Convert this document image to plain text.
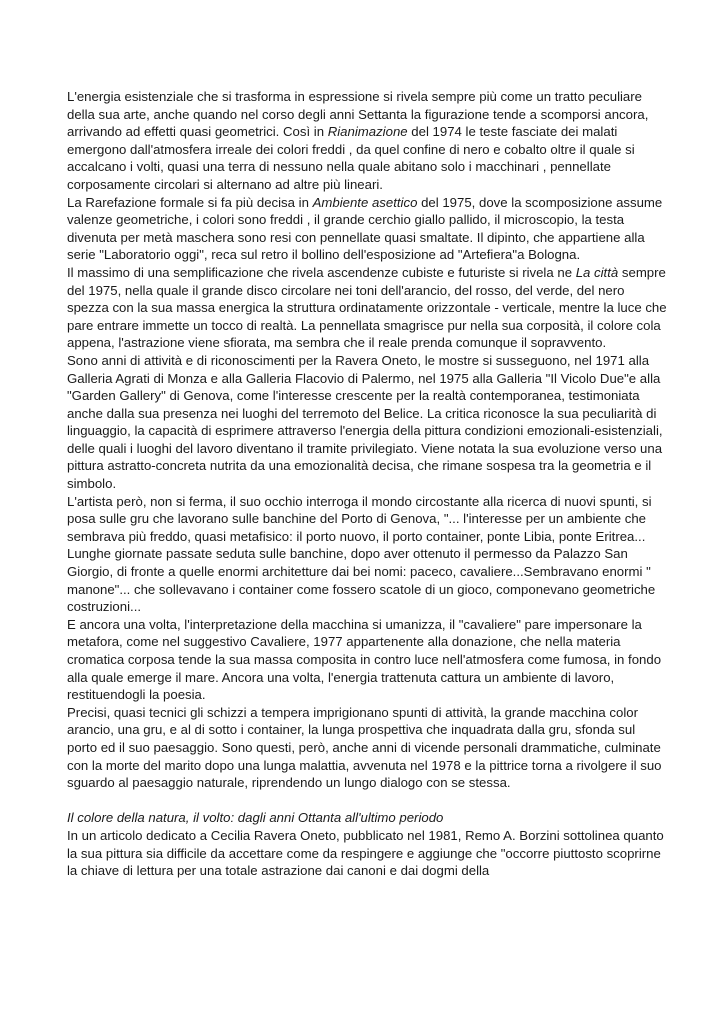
L'energia esistenziale che si trasforma in espressione si rivela sempre più come un tratto peculiare della sua arte, anche quando nel corso degli anni Settanta la figurazione tende a scomporsi ancora, arrivando ad effetti quasi geometrici. Così in Rianimazione del 1974 le teste fasciate dei malati emergono dall'atmosfera irreale dei colori freddi , da quel confine di nero e cobalto oltre il quale si accalcano i volti, quasi una terra di nessuno nella quale abitano solo i macchinari , pennellate corposamente circolari si alternano ad altre più lineari.

La Rarefazione formale si fa più decisa in Ambiente asettico del 1975, dove la scomposizione assume valenze geometriche, i colori sono freddi , il grande cerchio giallo pallido, il microscopio, la testa divenuta per metà maschera sono resi con pennellate quasi smaltate. Il dipinto, che appartiene alla serie "Laboratorio oggi", reca sul retro il bollino dell'esposizione ad "Artefiera"a Bologna.

Il massimo di una semplificazione che rivela ascendenze cubiste e futuriste si rivela ne La città sempre del 1975, nella quale il grande disco circolare nei toni dell'arancio, del rosso, del verde, del nero spezza con la sua massa energica la struttura ordinatamente orizzontale - verticale, mentre la luce che pare entrare immette un tocco di realtà. La pennellata smagrisce pur nella sua corposità, il colore cola appena, l'astrazione viene sfiorata, ma sembra che il reale prenda comunque il sopravvento.

Sono anni di attività e di riconoscimenti per la Ravera Oneto, le mostre si susseguono, nel 1971 alla Galleria Agrati di Monza e alla Galleria Flacovio di Palermo, nel 1975 alla Galleria "Il Vicolo Due"e alla "Garden Gallery" di Genova, come l'interesse crescente per la realtà contemporanea, testimoniata anche dalla sua presenza nei luoghi del terremoto del Belice. La critica riconosce la sua peculiarità di linguaggio, la capacità di esprimere attraverso l'energia della pittura condizioni emozionali-esistenziali, delle quali i luoghi del lavoro diventano il tramite privilegiato. Viene notata la sua evoluzione verso una pittura astratto-concreta nutrita da una emozionalità decisa, che rimane sospesa tra la geometria e il simbolo.

L'artista però, non si ferma, il suo occhio interroga il mondo circostante alla ricerca di nuovi spunti, si posa sulle gru che lavorano sulle banchine del Porto di Genova, "... l'interesse per un ambiente che sembrava più freddo, quasi metafisico: il porto nuovo, il porto container, ponte Libia, ponte Eritrea... Lunghe giornate passate seduta sulle banchine, dopo aver ottenuto il permesso da Palazzo San Giorgio, di fronte a quelle enormi architetture dai bei nomi: paceco, cavaliere...Sembravano enormi " manone"... che sollevavano i container come fossero scatole di un gioco, componevano geometriche costruzioni...

E ancora una volta, l'interpretazione della macchina si umanizza, il "cavaliere" pare impersonare la metafora, come nel suggestivo Cavaliere, 1977 appartenente alla donazione, che nella materia cromatica corposa tende la sua massa composita in contro luce nell'atmosfera come fumosa, in fondo alla quale emerge il mare. Ancora una volta, l'energia trattenuta cattura un ambiente di lavoro, restituendogli la poesia.

Precisi, quasi tecnici gli schizzi a tempera imprigionano spunti di attività, la grande macchina color arancio, una gru, e al di sotto i container, la lunga prospettiva che inquadrata dalla gru, sfonda sul porto ed il suo paesaggio. Sono questi, però, anche anni di vicende personali drammatiche, culminate con la morte del marito dopo una lunga malattia, avvenuta nel 1978 e la pittrice torna a rivolgere il suo sguardo al paesaggio naturale, riprendendo un lungo dialogo con se stessa.

Il colore della natura, il volto: dagli anni Ottanta all'ultimo periodo

In un articolo dedicato a Cecilia Ravera Oneto, pubblicato nel 1981, Remo A. Borzini sottolinea quanto la sua pittura sia difficile da accettare come da respingere e aggiunge che "occorre piuttosto scoprirne la chiave di lettura per una totale astrazione dai canoni e dai dogmi della
